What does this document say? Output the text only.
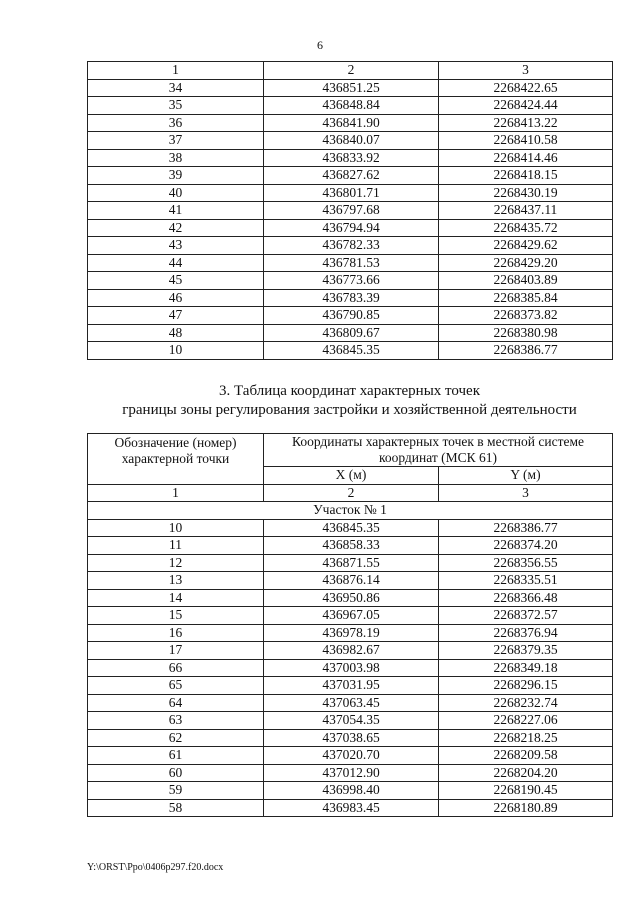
6
1	2	3
34	436851.25	2268422.65
35	436848.84	2268424.44
36	436841.90	2268413.22
37	436840.07	2268410.58
38	436833.92	2268414.46
39	436827.62	2268418.15
40	436801.71	2268430.19
41	436797.68	2268437.11
42	436794.94	2268435.72
43	436782.33	2268429.62
44	436781.53	2268429.20
45	436773.66	2268403.89
46	436783.39	2268385.84
47	436790.85	2268373.82
48	436809.67	2268380.98
10	436845.35	2268386.77
3. Таблица координат характерных точек
границы зоны регулирования застройки и хозяйственной деятельности
Обозначение (номер) характерной точки	Координаты характерных точек в местной системе координат (МСК 61)	
	X (м)	Y (м)
1	2	3
Участок № 1		
10	436845.35	2268386.77
11	436858.33	2268374.20
12	436871.55	2268356.55
13	436876.14	2268335.51
14	436950.86	2268366.48
15	436967.05	2268372.57
16	436978.19	2268376.94
17	436982.67	2268379.35
66	437003.98	2268349.18
65	437031.95	2268296.15
64	437063.45	2268232.74
63	437054.35	2268227.06
62	437038.65	2268218.25
61	437020.70	2268209.58
60	437012.90	2268204.20
59	436998.40	2268190.45
58	436983.45	2268180.89
Y:\ORST\Ppo\0406p297.f20.docx
